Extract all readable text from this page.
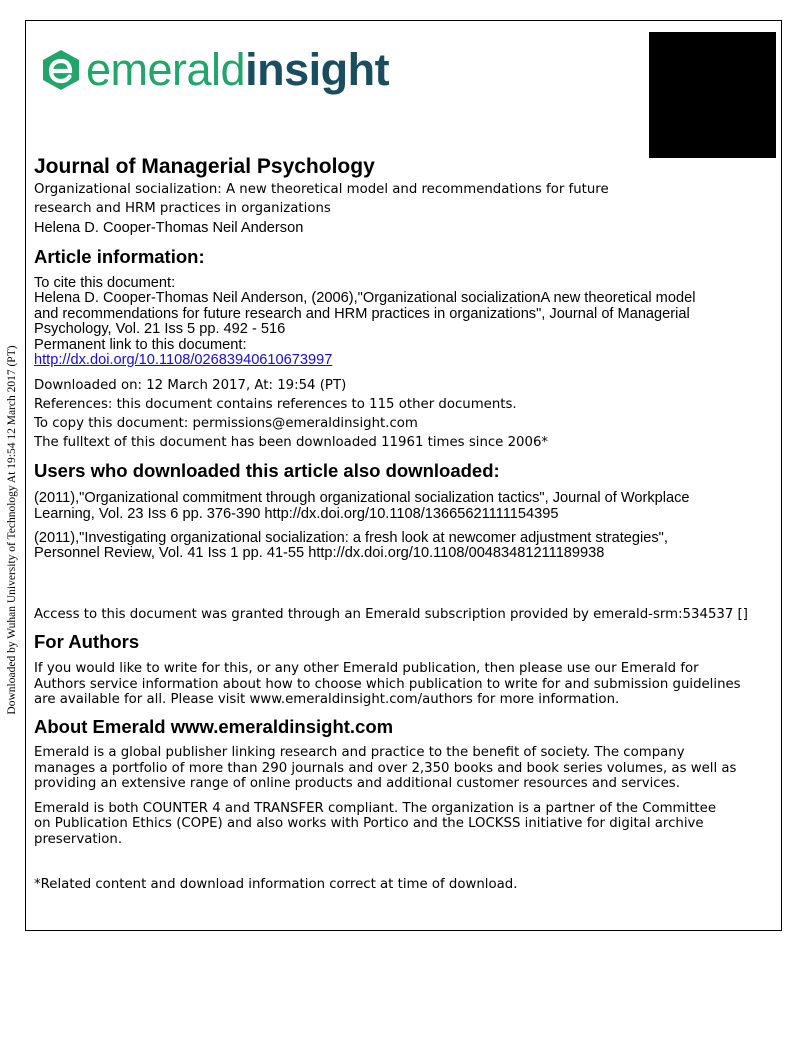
emeraldinsight
Downloaded by Wuhan University of Technology At 19:54 12 March 2017 (PT)
Journal of Managerial Psychology
Organizational socialization: A new theoretical model and recommendations for future
research and HRM practices in organizations
Helena D. Cooper-Thomas Neil Anderson
Article information:
To cite this document:
Helena D. Cooper-Thomas Neil Anderson, (2006),"Organizational socializationA new theoretical model
and recommendations for future research and HRM practices in organizations", Journal of Managerial
Psychology, Vol. 21 Iss 5 pp. 492 - 516
Permanent link to this document:
http://dx.doi.org/10.1108/02683940610673997
Downloaded on: 12 March 2017, At: 19:54 (PT)
References: this document contains references to 115 other documents.
To copy this document: permissions@emeraldinsight.com
The fulltext of this document has been downloaded 11961 times since 2006*
Users who downloaded this article also downloaded:
(2011),"Organizational commitment through organizational socialization tactics", Journal of Workplace
Learning, Vol. 23 Iss 6 pp. 376-390 http://dx.doi.org/10.1108/13665621111154395
(2011),"Investigating organizational socialization: a fresh look at newcomer adjustment strategies",
Personnel Review, Vol. 41 Iss 1 pp. 41-55 http://dx.doi.org/10.1108/00483481211189938
Access to this document was granted through an Emerald subscription provided by emerald-srm:534537 []
For Authors
If you would like to write for this, or any other Emerald publication, then please use our Emerald for
Authors service information about how to choose which publication to write for and submission guidelines
are available for all. Please visit www.emeraldinsight.com/authors for more information.
About Emerald www.emeraldinsight.com
Emerald is a global publisher linking research and practice to the benefit of society. The company
manages a portfolio of more than 290 journals and over 2,350 books and book series volumes, as well as
providing an extensive range of online products and additional customer resources and services.
Emerald is both COUNTER 4 and TRANSFER compliant. The organization is a partner of the Committee
on Publication Ethics (COPE) and also works with Portico and the LOCKSS initiative for digital archive
preservation.
*Related content and download information correct at time of download.
